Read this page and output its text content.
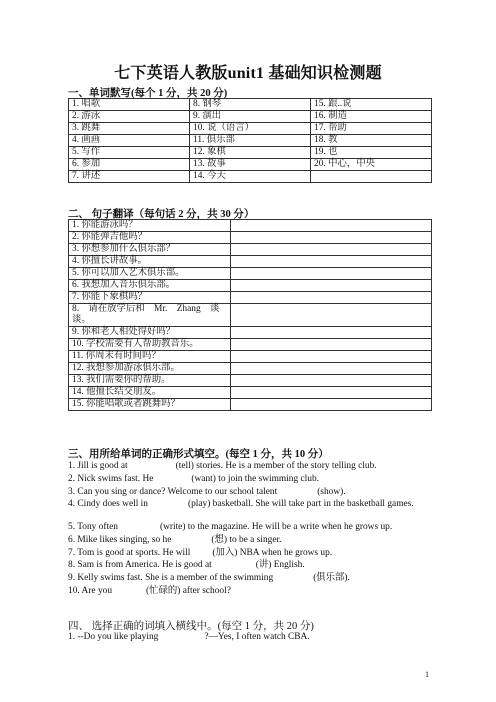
七下英语人教版unit1 基础知识检测题
一、单词默写(每个 1 分，共 20 分)
1. 唱歌	8. 钢琴	15. 跟..说
2. 游泳	9. 演出	16. 制造
3. 跳舞	10. 说（语言）	17. 帮助
4. 画画	11. 俱乐部	18. 教
5. 写作	12. 象棋	19. 也
6. 参加	13. 故事	20. 中心，中央
7. 讲述	14. 今天	
二、 句子翻译（每句话 2 分，共 30 分）
1. 你能游泳吗？	
2. 你能弹吉他吗？	
3. 你想参加什么俱乐部？	
4. 你擅长讲故事。	
5. 你可以加入艺术俱乐部。	
6. 我想加入音乐俱乐部。	
7. 你能下象棋吗？	
8.　请在放学后和　Mr.　Zhang　谈谈。	
9. 你和老人相处得好吗？	
10. 学校需要有人帮助教音乐。	
11. 你周末有时间吗？	
12. 我想参加游泳俱乐部。	
13. 我们需要你的帮助。	
14. 他擅长结交朋友。	
15. 你能唱歌或者跳舞吗？	
三、用所给单词的正确形式填空。(每空 1 分，共 10 分）
1. Jill is good at	(tell) stories. He is a member of the story telling club.
2. Nick swims fast. He	(want) to join the swimming club.
3. Can you sing or dance? Welcome to our school talent	(show).
4. Cindy does well in	(play) basketball. She will take part in the basketball games.
5. Tony often	(write) to the magazine. He will be a write when he grows up.
6. Mike likes singing, so he	(想) to be a singer.
7. Tom is good at sports. He will (加入) NBA when he grows up.
8. Sam is from America. He is good at	(讲) English.
9. Kelly swims fast. She is a member of the swimming	(俱乐部).
10. Are you	(忙碌的) after school?
四、 选择正确的词填入横线中。(每空 1 分，共 20 分)
1. --Do you like playing	?—Yes, I often watch CBA.
1
